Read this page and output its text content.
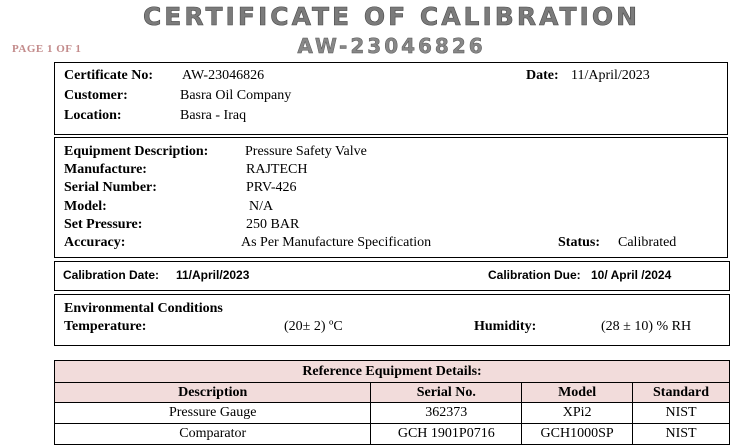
CERTIFICATE OF CALIBRATION
AW-23046826
PAGE 1 OF 1
Certificate No: AW-23046826	Date: 11/April/2023
Customer:	Basra Oil Company
Location:	Basra - Iraq
Equipment Description:	Pressure Safety Valve
Manufacture:	RAJTECH
Serial Number:	PRV-426
Model:	N/A
Set Pressure:	250 BAR
Accuracy:	As Per Manufacture Specification	Status: Calibrated
Calibration Date: 11/April/2023	Calibration Due: 10/ April /2024
Environmental Conditions
Temperature:	(20± 2) ºC	Humidity:	(28 ± 10) % RH
Reference Equipment Details:			
Description	Serial No.	Model	Standard
Pressure Gauge	362373	XPi2	NIST
Comparator	GCH 1901P0716	GCH1000SP	NIST
